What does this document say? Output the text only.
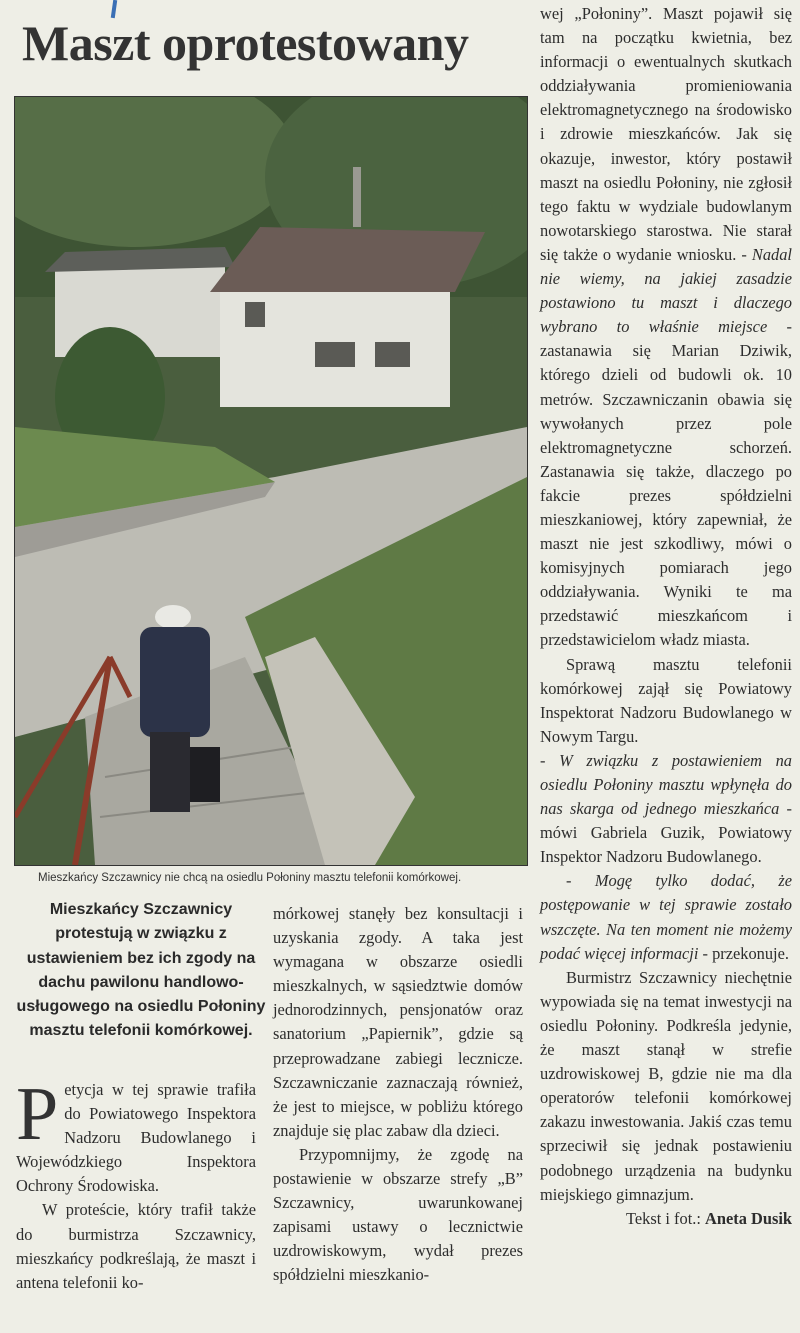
Maszt oprotestowany
Mieszkańcy Szczawnicy nie chcą na osiedlu Połoniny masztu telefonii komórkowej.
Mieszkańcy Szczawnicy protestują w związku z ustawieniem bez ich zgody na dachu pawilonu handlowo-usługowego na osiedlu Połoniny masztu telefonii komórkowej.

Petycja w tej sprawie trafiła do Powiatowego Inspektora Nadzoru Budowlanego i Wojewódzkiego Inspektora Ochrony Środowiska.

W proteście, który trafił także do burmistrza Szczawnicy, mieszkańcy podkreślają, że maszt i antena telefonii ko-

mórkowej stanęły bez konsultacji i uzyskania zgody. A taka jest wymagana w obszarze osiedli mieszkalnych, w sąsiedztwie domów jednorodzinnych, pensjonatów oraz sanatorium „Papiernik”, gdzie są przeprowadzane zabiegi lecznicze. Szczawniczanie zaznaczają również, że jest to miejsce, w pobliżu którego znajduje się plac zabaw dla dzieci.

Przypomnijmy, że zgodę na postawienie w obszarze strefy „B” Szczawnicy, uwarunkowanej zapisami ustawy o lecznictwie uzdrowiskowym, wydał prezes spółdzielni mieszkanio-

wej „Połoniny”. Maszt pojawił się tam na początku kwietnia, bez informacji o ewentualnych skutkach oddziaływania promieniowania elektromagnetycznego na środowisko i zdrowie mieszkańców. Jak się okazuje, inwestor, który postawił maszt na osiedlu Połoniny, nie zgłosił tego faktu w wydziale budowlanym nowotarskiego starostwa. Nie starał się także o wydanie wniosku. - Nadal nie wiemy, na jakiej zasadzie postawiono tu maszt i dlaczego wybrano to właśnie miejsce - zastanawia się Marian Dziwik, którego dzieli od budowli ok. 10 metrów. Szczawniczanin obawia się wywołanych przez pole elektromagnetyczne schorzeń. Zastanawia się także, dlaczego po fakcie prezes spółdzielni mieszkaniowej, który zapewniał, że maszt nie jest szkodliwy, mówi o komisyjnych pomiarach jego oddziaływania. Wyniki te ma przedstawić mieszkańcom i przedstawicielom władz miasta.

Sprawą masztu telefonii komórkowej zajął się Powiatowy Inspektorat Nadzoru Budowlanego w Nowym Targu.

- W związku z postawieniem na osiedlu Połoniny masztu wpłynęła do nas skarga od jednego mieszkańca - mówi Gabriela Guzik, Powiatowy Inspektor Nadzoru Budowlanego.

- Mogę tylko dodać, że postępowanie w tej sprawie zostało wszczęte. Na ten moment nie możemy podać więcej informacji - przekonuje.

Burmistrz Szczawnicy niechętnie wypowiada się na temat inwestycji na osiedlu Połoniny. Podkreśla jedynie, że maszt stanął w strefie uzdrowiskowej B, gdzie nie ma dla operatorów telefonii komórkowej zakazu inwestowania. Jakiś czas temu sprzeciwił się jednak postawieniu podobnego urządzenia na budynku miejskiego gimnazjum.

Tekst i fot.: Aneta Dusik
